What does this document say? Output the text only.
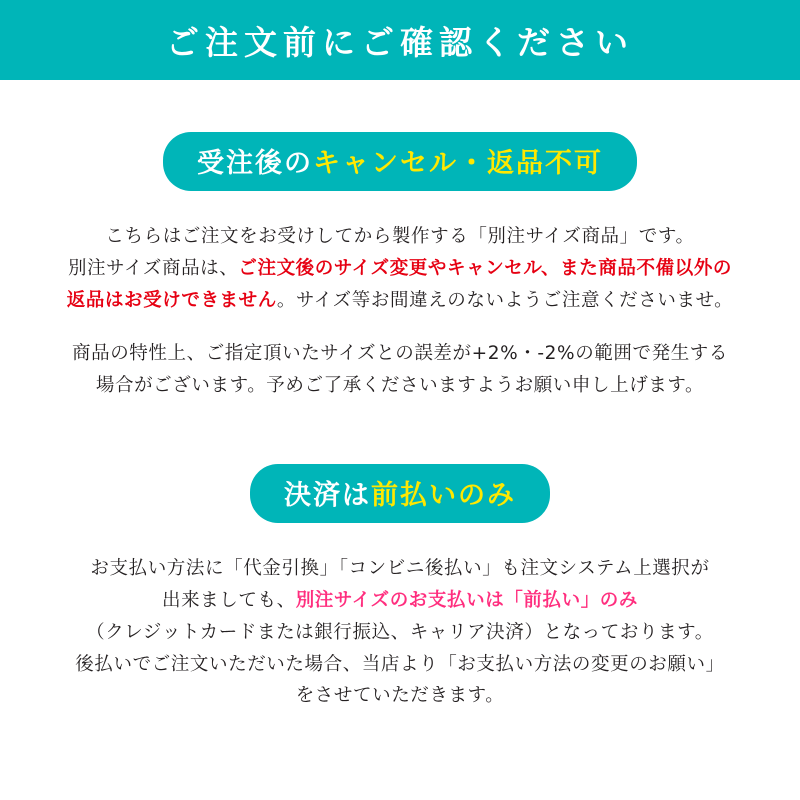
ご注文前にご確認ください
受注後の キャンセル・返品不可
こちらはご注文をお受けしてから製作する「別注サイズ商品」です。
別注サイズ商品は、ご注文後のサイズ変更やキャンセル、また商品不備以外の
返品はお受けできません。サイズ等お間違えのないようご注意くださいませ。
商品の特性上、ご指定頂いたサイズとの誤差が+2%・-2%の範囲で発生する
場合がございます。予めご了承くださいますようお願い申し上げます。
決済は 前払いのみ
お支払い方法に「代金引換」「コンビニ後払い」も注文システム上選択が
出来ましても、別注サイズのお支払いは「前払い」のみ
（クレジットカードまたは銀行振込、キャリア決済）となっております。
後払いでご注文いただいた場合、当店より「お支払い方法の変更のお願い」
をさせていただきます。
